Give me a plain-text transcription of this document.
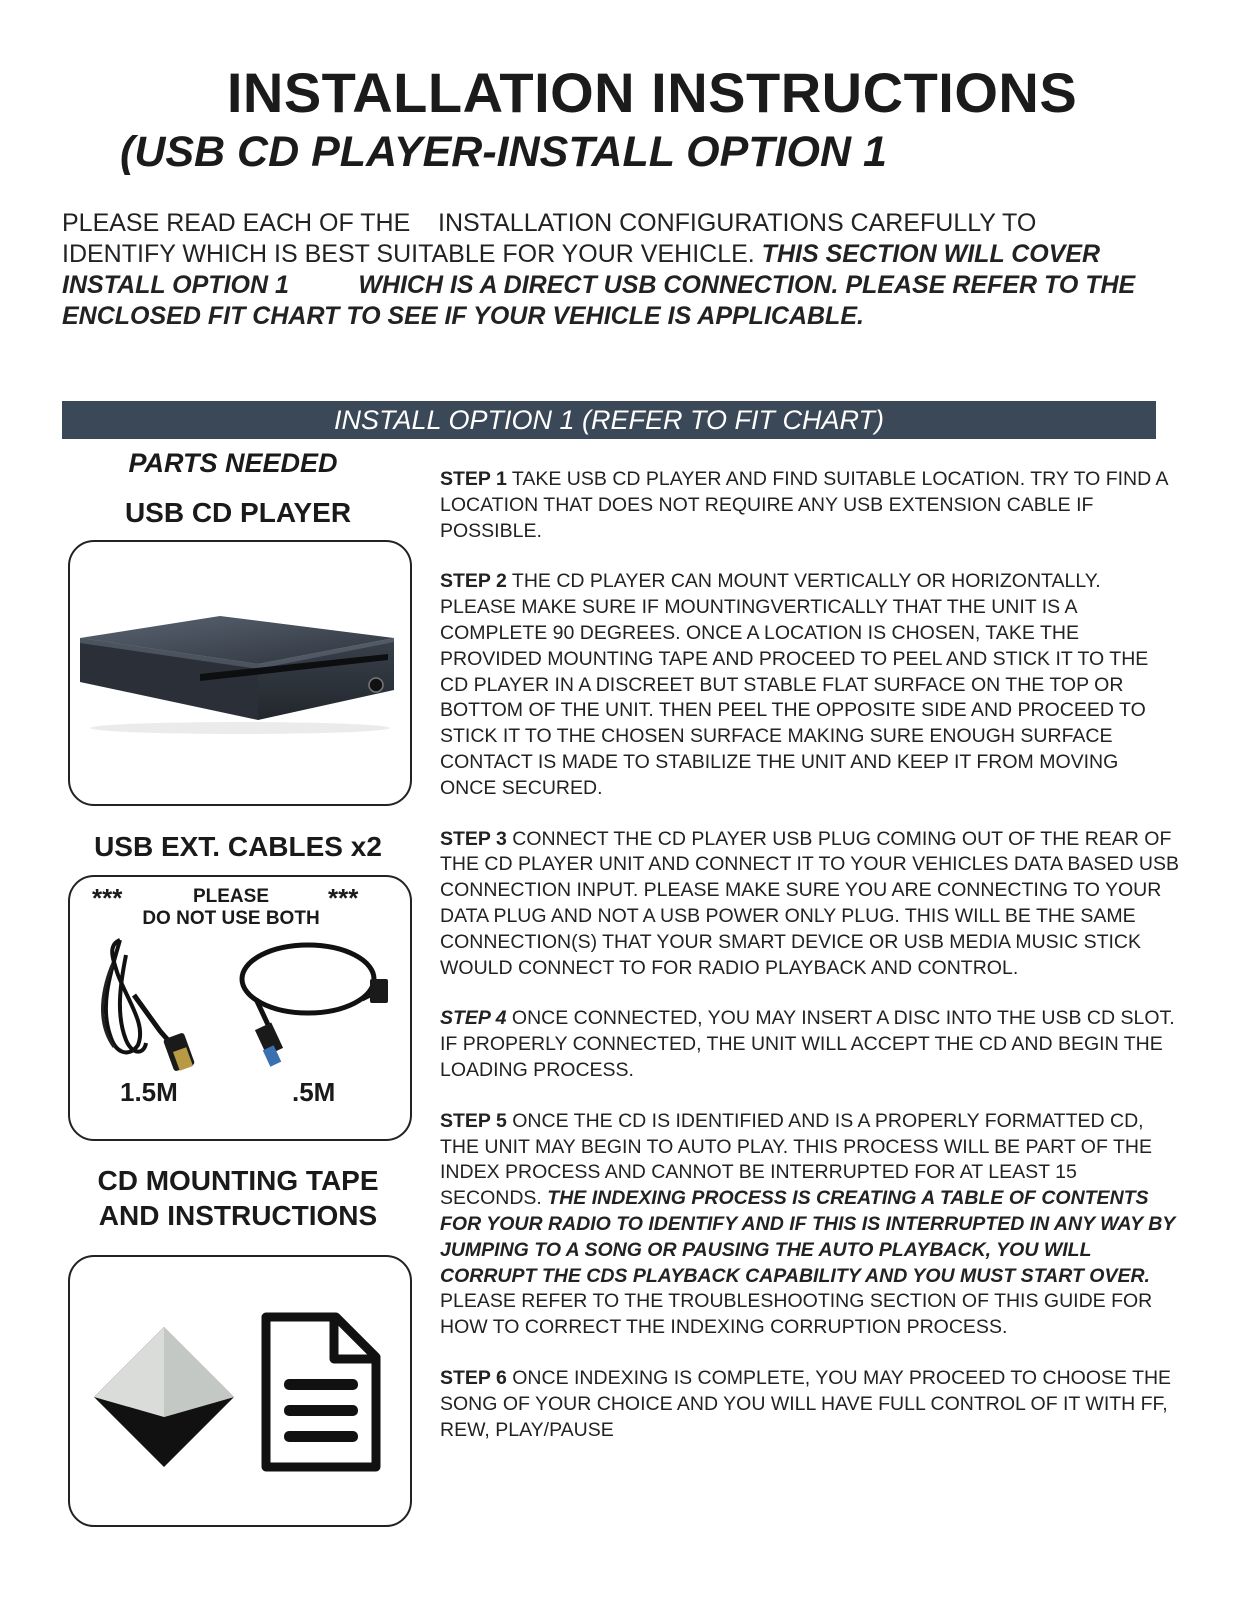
INSTALLATION INSTRUCTIONS
(USB CD PLAYER-INSTALL OPTION 1
PLEASE READ EACH OF THE    INSTALLATION CONFIGURATIONS CAREFULLY TO
IDENTIFY WHICH IS BEST SUITABLE FOR YOUR VEHICLE. THIS SECTION WILL COVER
INSTALL OPTION 1          WHICH IS A DIRECT USB CONNECTION. PLEASE REFER TO THE
ENCLOSED FIT CHART TO SEE IF YOUR VEHICLE IS APPLICABLE.
INSTALL OPTION 1 (REFER TO FIT CHART)
PARTS NEEDED
USB CD PLAYER
USB EXT. CABLES x2
***	***
PLEASE
DO NOT USE BOTH
1.5M	.5M
CD MOUNTING TAPE
AND INSTRUCTIONS
STEP 1 TAKE USB CD PLAYER AND FIND SUITABLE LOCATION. TRY TO FIND A LOCATION THAT DOES NOT REQUIRE ANY USB EXTENSION CABLE IF POSSIBLE.
STEP 2 THE CD PLAYER CAN MOUNT VERTICALLY OR HORIZONTALLY. PLEASE MAKE SURE IF MOUNTINGVERTICALLY THAT THE UNIT IS A COMPLETE 90 DEGREES. ONCE A LOCATION IS CHOSEN, TAKE THE PROVIDED MOUNTING TAPE AND PROCEED TO PEEL AND STICK IT TO THE CD PLAYER IN A DISCREET BUT STABLE FLAT SURFACE ON THE TOP OR BOTTOM OF THE UNIT. THEN PEEL THE OPPOSITE SIDE AND PROCEED TO STICK IT TO THE CHOSEN SURFACE MAKING SURE ENOUGH SURFACE CONTACT IS MADE TO STABILIZE THE UNIT AND KEEP IT FROM MOVING ONCE SECURED.
STEP 3 CONNECT THE CD PLAYER USB PLUG COMING OUT OF THE REAR OF THE CD PLAYER UNIT AND CONNECT IT TO YOUR VEHICLES DATA BASED USB CONNECTION INPUT. PLEASE MAKE SURE YOU ARE CONNECTING TO YOUR DATA PLUG AND NOT A USB POWER ONLY PLUG. THIS WILL BE THE SAME CONNECTION(S) THAT YOUR SMART DEVICE OR USB MEDIA MUSIC STICK WOULD CONNECT TO FOR RADIO PLAYBACK AND CONTROL.
STEP 4 ONCE CONNECTED, YOU MAY INSERT A DISC INTO THE USB CD SLOT. IF PROPERLY CONNECTED, THE UNIT WILL ACCEPT THE CD AND BEGIN THE LOADING PROCESS.
STEP 5 ONCE THE CD IS IDENTIFIED AND IS A PROPERLY FORMATTED CD, THE UNIT MAY BEGIN TO AUTO PLAY. THIS PROCESS WILL BE PART OF THE INDEX PROCESS AND CANNOT BE INTERRUPTED FOR AT LEAST 15 SECONDS. THE INDEXING PROCESS IS CREATING A TABLE OF CONTENTS FOR YOUR RADIO TO IDENTIFY AND IF THIS IS INTERRUPTED IN ANY WAY BY JUMPING TO A SONG OR PAUSING THE AUTO PLAYBACK, YOU WILL CORRUPT THE CDS PLAYBACK CAPABILITY AND YOU MUST START OVER. PLEASE REFER TO THE TROUBLESHOOTING SECTION OF THIS GUIDE FOR HOW TO CORRECT THE INDEXING CORRUPTION PROCESS.
STEP 6 ONCE INDEXING IS COMPLETE, YOU MAY PROCEED TO CHOOSE THE SONG OF YOUR CHOICE AND YOU WILL HAVE FULL CONTROL OF IT WITH FF, REW, PLAY/PAUSE
